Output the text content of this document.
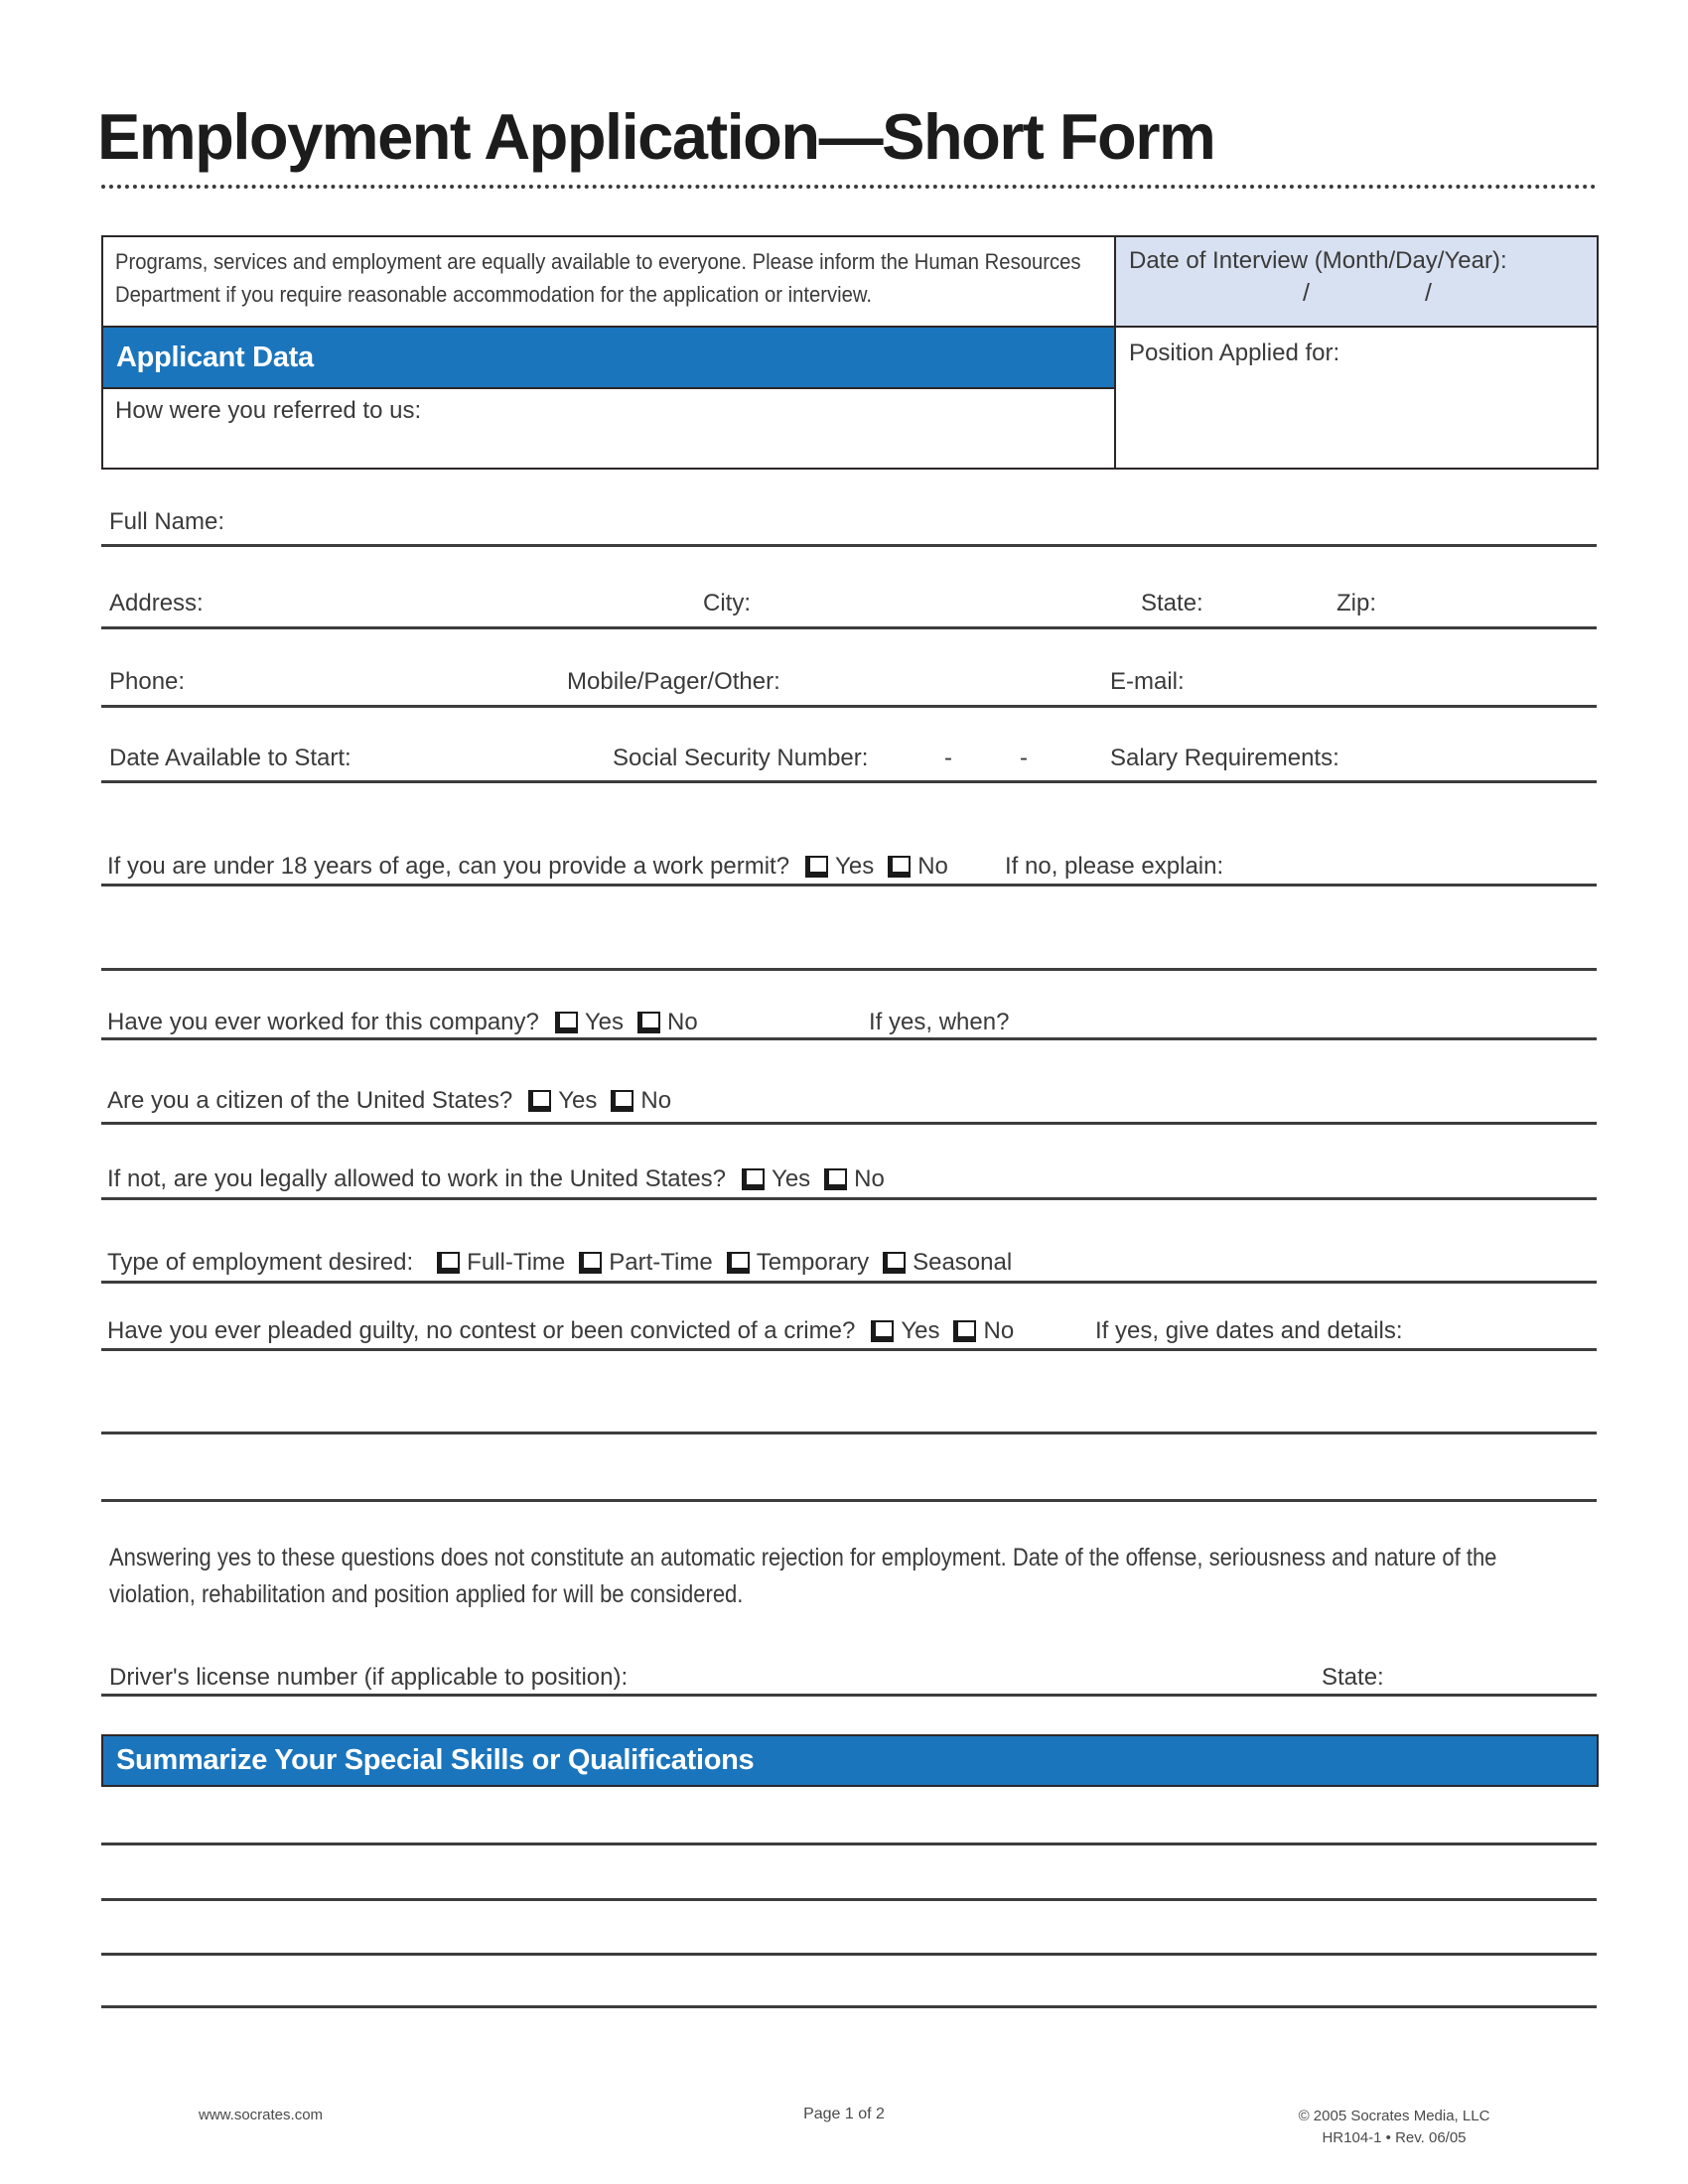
Employment Application—Short Form
Programs, services and employment are equally available to everyone. Please inform the Human Resources Department if you require reasonable accommodation for the application or interview.
Applicant Data
How were you referred to us:
Date of Interview (Month/Day/Year):
/	/
Position Applied for:
Full Name:
Address:	City:	State:	Zip:
Phone:	Mobile/Pager/Other:	E-mail:
Date Available to Start:	Social Security Number:	-	-	Salary Requirements:
If you are under 18 years of age, can you provide a work permit? Yes No If no, please explain:
Have you ever worked for this company? Yes No	If yes, when?
Are you a citizen of the United States? Yes No
If not, are you legally allowed to work in the United States? Yes No
Type of employment desired: Full-Time Part-Time Temporary Seasonal
Have you ever pleaded guilty, no contest or been convicted of a crime? Yes No	If yes, give dates and details:
Answering yes to these questions does not constitute an automatic rejection for employment. Date of the offense, seriousness and nature of the
violation, rehabilitation and position applied for will be considered.
Driver's license number (if applicable to position):	State:
Summarize Your Special Skills or Qualifications
www.socrates.com	Page 1 of 2	© 2005 Socrates Media, LLC
HR104-1 • Rev. 06/05
